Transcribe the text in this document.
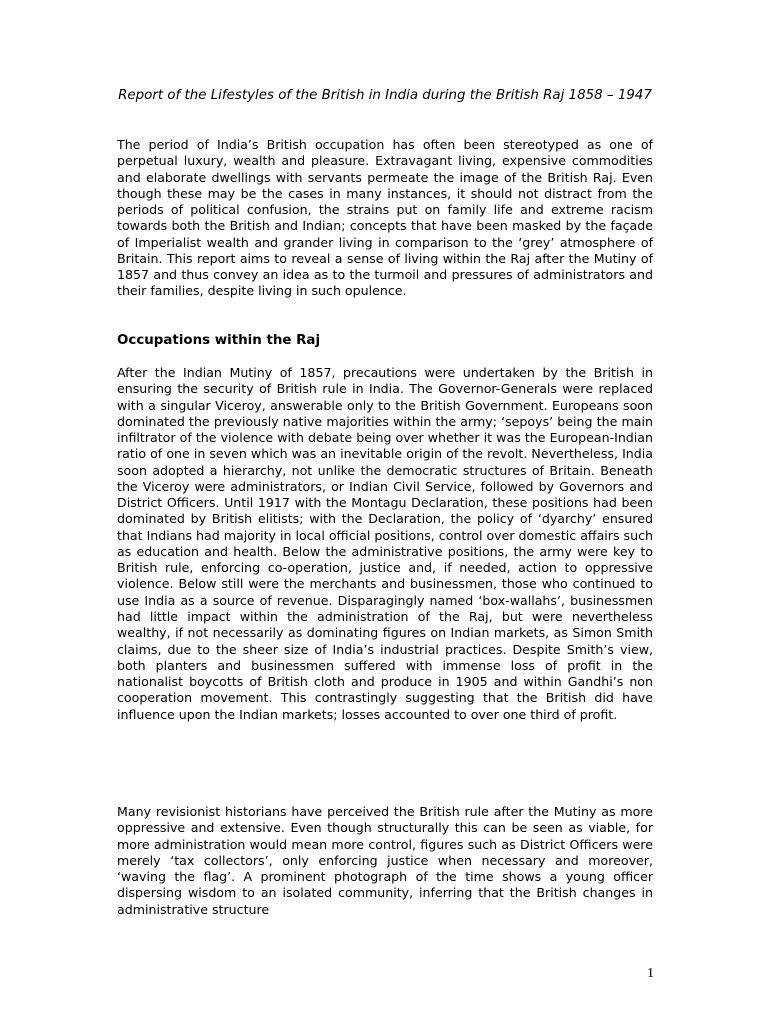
Report of the Lifestyles of the British in India during the British Raj 1858 – 1947

The period of India’s British occupation has often been stereotyped as one of perpetual luxury, wealth and pleasure. Extravagant living, expensive commodities and elaborate dwellings with servants permeate the image of the British Raj. Even though these may be the cases in many instances, it should not distract from the periods of political confusion, the strains put on family life and extreme racism towards both the British and Indian; concepts that have been masked by the façade of Imperialist wealth and grander living in comparison to the ‘grey’ atmosphere of Britain. This report aims to reveal a sense of living within the Raj after the Mutiny of 1857 and thus convey an idea as to the turmoil and pressures of administrators and their families, despite living in such opulence.

Occupations within the Raj

After the Indian Mutiny of 1857, precautions were undertaken by the British in ensuring the security of British rule in India. The Governor-Generals were replaced with a singular Viceroy, answerable only to the British Government. Europeans soon dominated the previously native majorities within the army; ‘sepoys’ being the main infiltrator of the violence with debate being over whether it was the European-Indian ratio of one in seven which was an inevitable origin of the revolt. Nevertheless, India soon adopted a hierarchy, not unlike the democratic structures of Britain. Beneath the Viceroy were administrators, or Indian Civil Service, followed by Governors and District Officers. Until 1917 with the Montagu Declaration, these positions had been dominated by British elitists; with the Declaration, the policy of ‘dyarchy’ ensured that Indians had majority in local official positions, control over domestic affairs such as education and health. Below the administrative positions, the army were key to British rule, enforcing co-operation, justice and, if needed, action to oppressive violence. Below still were the merchants and businessmen, those who continued to use India as a source of revenue. Disparagingly named ‘box-wallahs’, businessmen had little impact within the administration of the Raj, but were nevertheless wealthy, if not necessarily as dominating figures on Indian markets, as Simon Smith claims, due to the sheer size of India’s industrial practices. Despite Smith’s view, both planters and businessmen suffered with immense loss of profit in the nationalist boycotts of British cloth and produce in 1905 and within Gandhi’s non cooperation movement. This contrastingly suggesting that the British did have influence upon the Indian markets; losses accounted to over one third of profit.

Many revisionist historians have perceived the British rule after the Mutiny as more oppressive and extensive. Even though structurally this can be seen as viable, for more administration would mean more control, figures such as District Officers were merely ‘tax collectors’, only enforcing justice when necessary and moreover, ‘waving the flag’. A prominent photograph of the time shows a young officer dispersing wisdom to an isolated community, inferring that the British changes in administrative structure

1
